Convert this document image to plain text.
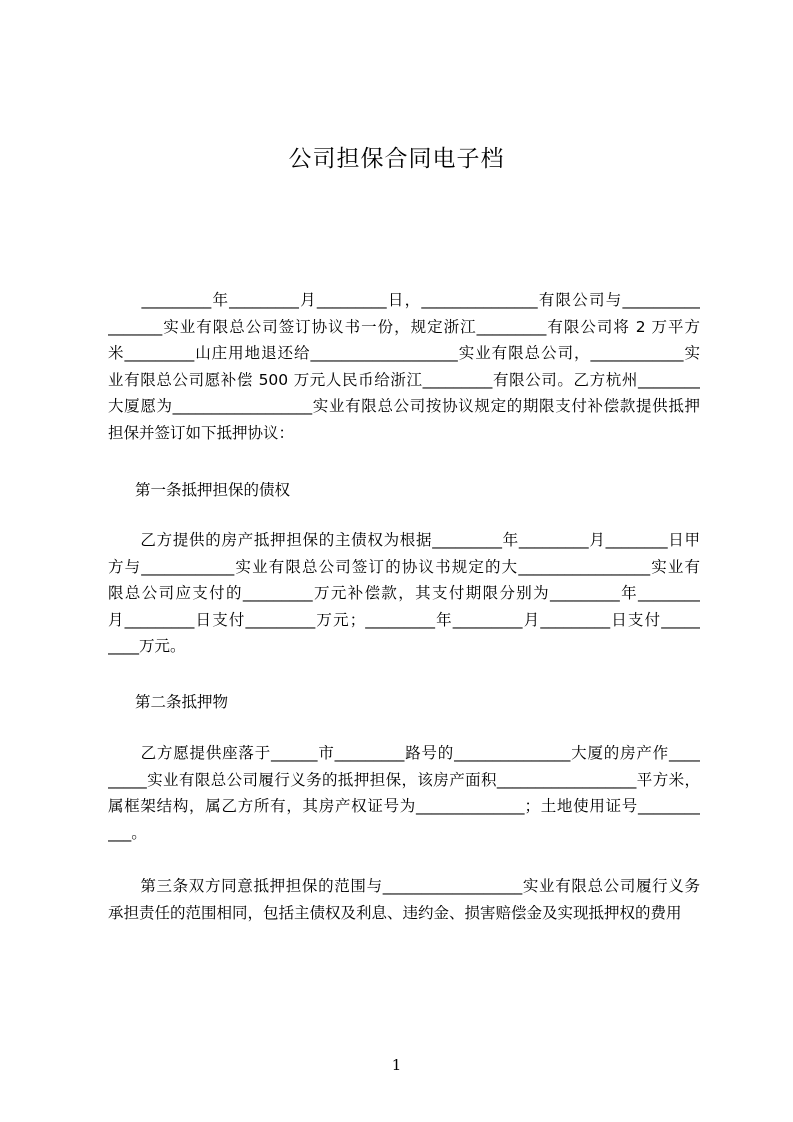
公司担保合同电子档
　　_________年_________月_________日，_______________有限公司与__________
_______实业有限总公司签订协议书一份，规定浙江_________有限公司将 2 万平方
米_________山庄用地退还给___________________实业有限总公司，____________实
业有限总公司愿补偿 500 万元人民币给浙江_________有限公司。乙方杭州________
大厦愿为__________________实业有限总公司按协议规定的期限支付补偿款提供抵押
担保并签订如下抵押协议：
第一条抵押担保的债权
　　乙方提供的房产抵押担保的主债权为根据_________年_________月________日甲
方与____________实业有限总公司签订的协议书规定的大_________________实业有
限总公司应支付的_________万元补偿款，其支付期限分别为_________年________
月_________日支付_________万元；_________年_________月_________日支付_____
____万元。
第二条抵押物
　　乙方愿提供座落于______市_________路号的_______________大厦的房产作____
_____实业有限总公司履行义务的抵押担保，该房产面积__________________平方米，
属框架结构，属乙方所有，其房产权证号为______________；土地使用证号________
___。
　　第三条双方同意抵押担保的范围与__________________实业有限总公司履行义务
承担责任的范围相同，包括主债权及利息、违约金、损害赔偿金及实现抵押权的费用
1
